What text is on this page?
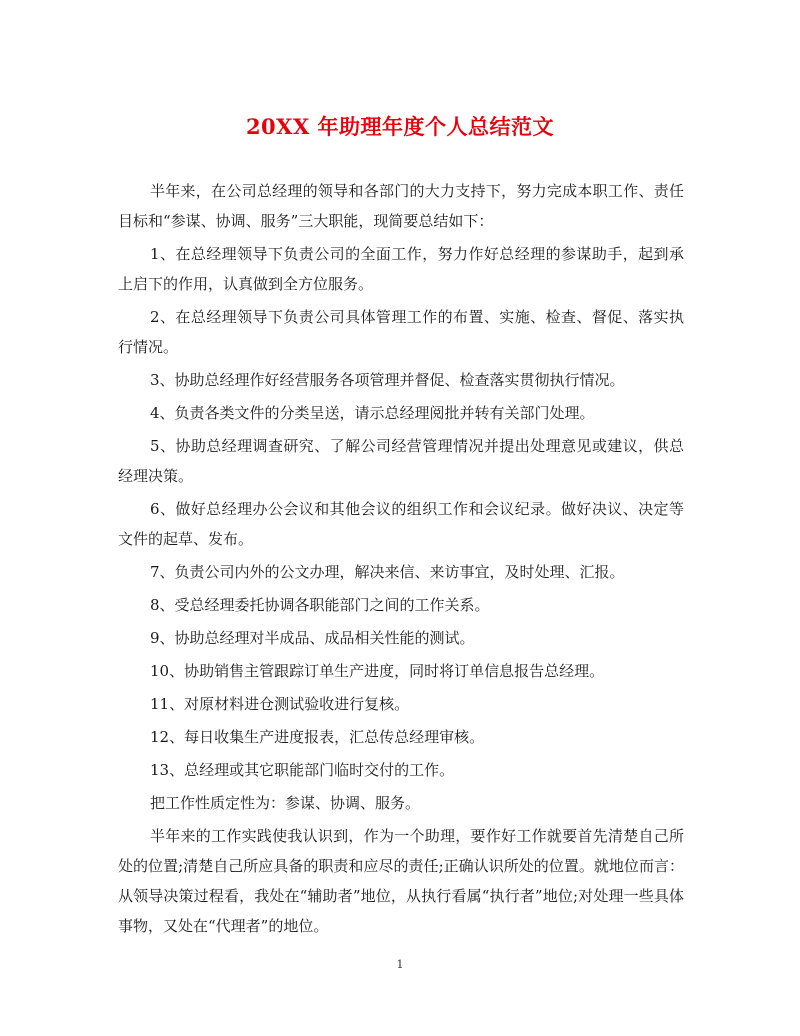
20XX 年助理年度个人总结范文

半年来，在公司总经理的领导和各部门的大力支持下，努力完成本职工作、责任目标和“参谋、协调、服务”三大职能，现简要总结如下：

1、在总经理领导下负责公司的全面工作，努力作好总经理的参谋助手，起到承上启下的作用，认真做到全方位服务。

2、在总经理领导下负责公司具体管理工作的布置、实施、检查、督促、落实执行情况。

3、协助总经理作好经营服务各项管理并督促、检查落实贯彻执行情况。

4、负责各类文件的分类呈送，请示总经理阅批并转有关部门处理。

5、协助总经理调查研究、了解公司经营管理情况并提出处理意见或建议，供总经理决策。

6、做好总经理办公会议和其他会议的组织工作和会议纪录。做好决议、决定等文件的起草、发布。

7、负责公司内外的公文办理，解决来信、来访事宜，及时处理、汇报。

8、受总经理委托协调各职能部门之间的工作关系。

9、协助总经理对半成品、成品相关性能的测试。

10、协助销售主管跟踪订单生产进度，同时将订单信息报告总经理。

11、对原材料进仓测试验收进行复核。

12、每日收集生产进度报表，汇总传总经理审核。

13、总经理或其它职能部门临时交付的工作。

把工作性质定性为：参谋、协调、服务。

半年来的工作实践使我认识到，作为一个助理，要作好工作就要首先清楚自己所处的位置;清楚自己所应具备的职责和应尽的责任;正确认识所处的位置。就地位而言：从领导决策过程看，我处在“辅助者”地位，从执行看属“执行者”地位;对处理一些具体事物，又处在“代理者”的地位。

1
